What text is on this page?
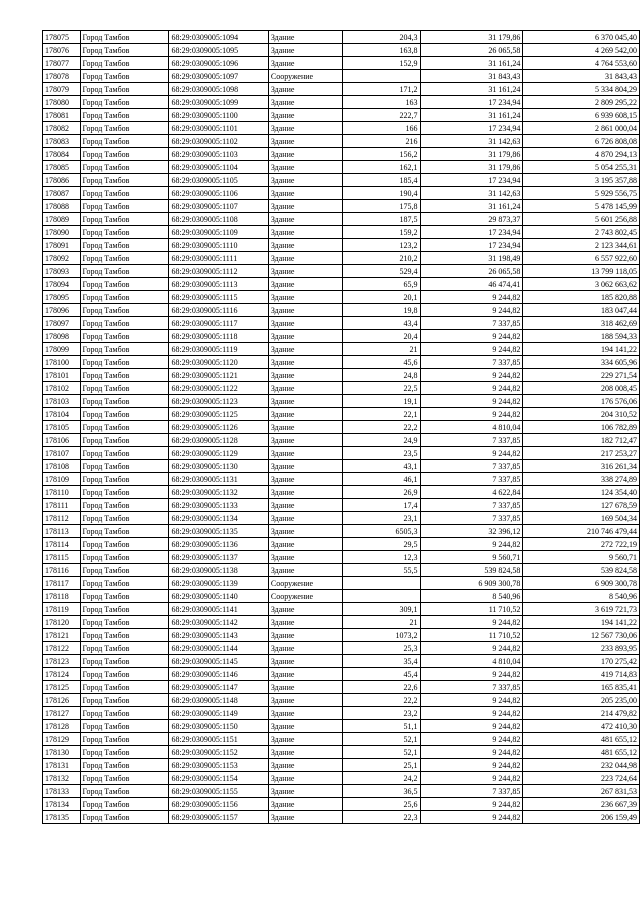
178075	Город Тамбов	68:29:0309005:1094	Здание	204,3	31 179,86	6 370 045,40
178076	Город Тамбов	68:29:0309005:1095	Здание	163,8	26 065,58	4 269 542,00
178077	Город Тамбов	68:29:0309005:1096	Здание	152,9	31 161,24	4 764 553,60
178078	Город Тамбов	68:29:0309005:1097	Сооружение		31 843,43	31 843,43
178079	Город Тамбов	68:29:0309005:1098	Здание	171,2	31 161,24	5 334 804,29
178080	Город Тамбов	68:29:0309005:1099	Здание	163	17 234,94	2 809 295,22
178081	Город Тамбов	68:29:0309005:1100	Здание	222,7	31 161,24	6 939 608,15
178082	Город Тамбов	68:29:0309005:1101	Здание	166	17 234,94	2 861 000,04
178083	Город Тамбов	68:29:0309005:1102	Здание	216	31 142,63	6 726 808,08
178084	Город Тамбов	68:29:0309005:1103	Здание	156,2	31 179,86	4 870 294,13
178085	Город Тамбов	68:29:0309005:1104	Здание	162,1	31 179,86	5 054 255,31
178086	Город Тамбов	68:29:0309005:1105	Здание	185,4	17 234,94	3 195 357,88
178087	Город Тамбов	68:29:0309005:1106	Здание	190,4	31 142,63	5 929 556,75
178088	Город Тамбов	68:29:0309005:1107	Здание	175,8	31 161,24	5 478 145,99
178089	Город Тамбов	68:29:0309005:1108	Здание	187,5	29 873,37	5 601 256,88
178090	Город Тамбов	68:29:0309005:1109	Здание	159,2	17 234,94	2 743 802,45
178091	Город Тамбов	68:29:0309005:1110	Здание	123,2	17 234,94	2 123 344,61
178092	Город Тамбов	68:29:0309005:1111	Здание	210,2	31 198,49	6 557 922,60
178093	Город Тамбов	68:29:0309005:1112	Здание	529,4	26 065,58	13 799 118,05
178094	Город Тамбов	68:29:0309005:1113	Здание	65,9	46 474,41	3 062 663,62
178095	Город Тамбов	68:29:0309005:1115	Здание	20,1	9 244,82	185 820,88
178096	Город Тамбов	68:29:0309005:1116	Здание	19,8	9 244,82	183 047,44
178097	Город Тамбов	68:29:0309005:1117	Здание	43,4	7 337,85	318 462,69
178098	Город Тамбов	68:29:0309005:1118	Здание	20,4	9 244,82	188 594,33
178099	Город Тамбов	68:29:0309005:1119	Здание	21	9 244,82	194 141,22
178100	Город Тамбов	68:29:0309005:1120	Здание	45,6	7 337,85	334 605,96
178101	Город Тамбов	68:29:0309005:1121	Здание	24,8	9 244,82	229 271,54
178102	Город Тамбов	68:29:0309005:1122	Здание	22,5	9 244,82	208 008,45
178103	Город Тамбов	68:29:0309005:1123	Здание	19,1	9 244,82	176 576,06
178104	Город Тамбов	68:29:0309005:1125	Здание	22,1	9 244,82	204 310,52
178105	Город Тамбов	68:29:0309005:1126	Здание	22,2	4 810,04	106 782,89
178106	Город Тамбов	68:29:0309005:1128	Здание	24,9	7 337,85	182 712,47
178107	Город Тамбов	68:29:0309005:1129	Здание	23,5	9 244,82	217 253,27
178108	Город Тамбов	68:29:0309005:1130	Здание	43,1	7 337,85	316 261,34
178109	Город Тамбов	68:29:0309005:1131	Здание	46,1	7 337,85	338 274,89
178110	Город Тамбов	68:29:0309005:1132	Здание	26,9	4 622,84	124 354,40
178111	Город Тамбов	68:29:0309005:1133	Здание	17,4	7 337,85	127 678,59
178112	Город Тамбов	68:29:0309005:1134	Здание	23,1	7 337,85	169 504,34
178113	Город Тамбов	68:29:0309005:1135	Здание	6505,3	32 396,12	210 746 479,44
178114	Город Тамбов	68:29:0309005:1136	Здание	29,5	9 244,82	272 722,19
178115	Город Тамбов	68:29:0309005:1137	Здание	12,3	9 560,71	9 560,71
178116	Город Тамбов	68:29:0309005:1138	Здание	55,5	539 824,58	539 824,58
178117	Город Тамбов	68:29:0309005:1139	Сооружение		6 909 300,78	6 909 300,78
178118	Город Тамбов	68:29:0309005:1140	Сооружение		8 540,96	8 540,96
178119	Город Тамбов	68:29:0309005:1141	Здание	309,1	11 710,52	3 619 721,73
178120	Город Тамбов	68:29:0309005:1142	Здание	21	9 244,82	194 141,22
178121	Город Тамбов	68:29:0309005:1143	Здание	1073,2	11 710,52	12 567 730,06
178122	Город Тамбов	68:29:0309005:1144	Здание	25,3	9 244,82	233 893,95
178123	Город Тамбов	68:29:0309005:1145	Здание	35,4	4 810,04	170 275,42
178124	Город Тамбов	68:29:0309005:1146	Здание	45,4	9 244,82	419 714,83
178125	Город Тамбов	68:29:0309005:1147	Здание	22,6	7 337,85	165 835,41
178126	Город Тамбов	68:29:0309005:1148	Здание	22,2	9 244,82	205 235,00
178127	Город Тамбов	68:29:0309005:1149	Здание	23,2	9 244,82	214 479,82
178128	Город Тамбов	68:29:0309005:1150	Здание	51,1	9 244,82	472 410,30
178129	Город Тамбов	68:29:0309005:1151	Здание	52,1	9 244,82	481 655,12
178130	Город Тамбов	68:29:0309005:1152	Здание	52,1	9 244,82	481 655,12
178131	Город Тамбов	68:29:0309005:1153	Здание	25,1	9 244,82	232 044,98
178132	Город Тамбов	68:29:0309005:1154	Здание	24,2	9 244,82	223 724,64
178133	Город Тамбов	68:29:0309005:1155	Здание	36,5	7 337,85	267 831,53
178134	Город Тамбов	68:29:0309005:1156	Здание	25,6	9 244,82	236 667,39
178135	Город Тамбов	68:29:0309005:1157	Здание	22,3	9 244,82	206 159,49
